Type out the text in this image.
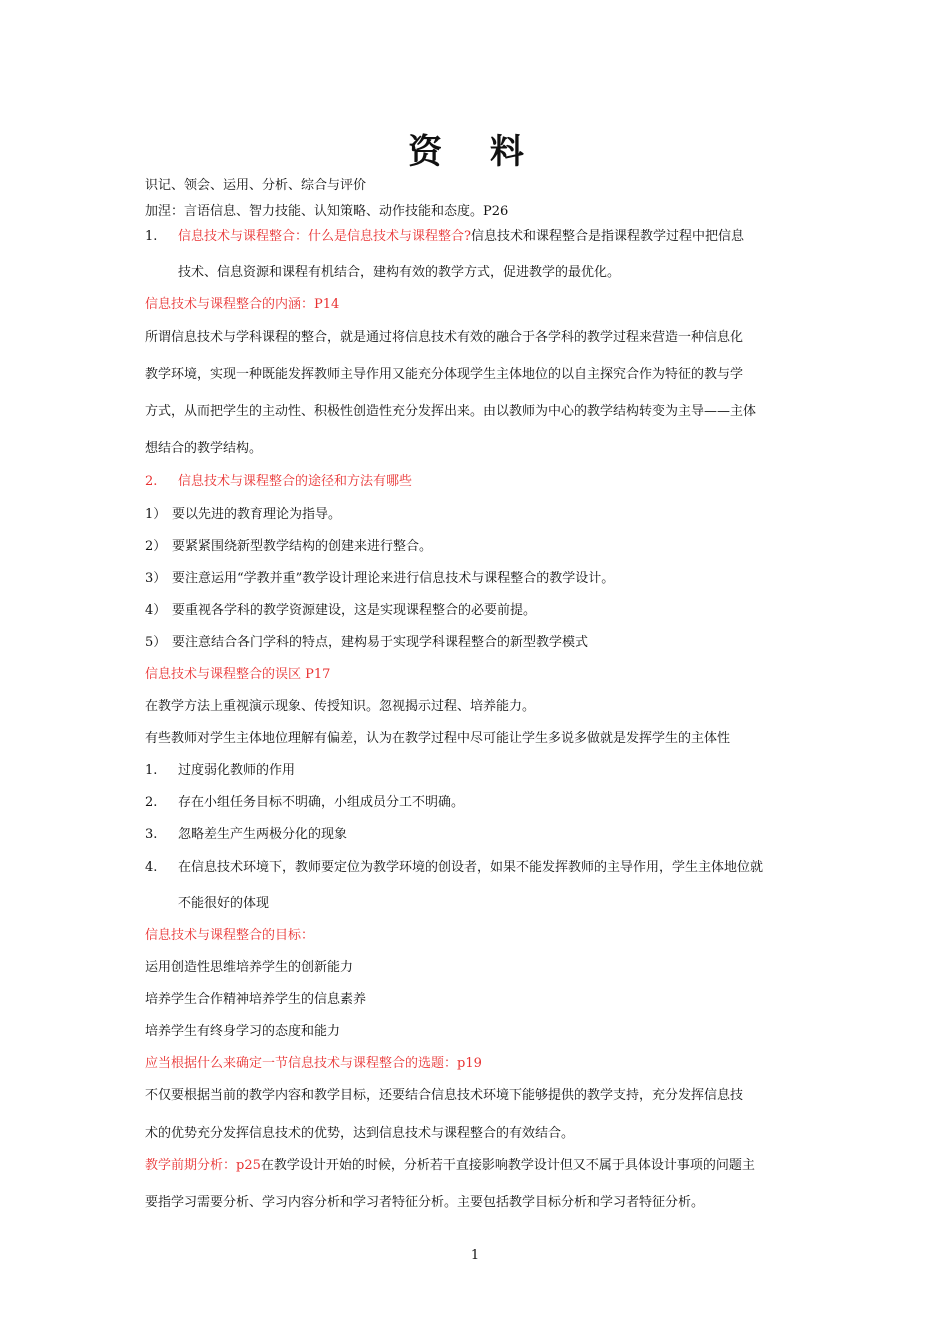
资 料
识记、领会、运用、分析、综合与评价
加涅：言语信息、智力技能、认知策略、动作技能和态度。P26
1. 信息技术与课程整合：什么是信息技术与课程整合?信息技术和课程整合是指课程教学过程中把信息
技术、信息资源和课程有机结合，建构有效的教学方式，促进教学的最优化。
信息技术与课程整合的内涵：P14
所谓信息技术与学科课程的整合，就是通过将信息技术有效的融合于各学科的教学过程来营造一种信息化
教学环境，实现一种既能发挥教师主导作用又能充分体现学生主体地位的以自主探究合作为特征的教与学
方式，从而把学生的主动性、积极性创造性充分发挥出来。由以教师为中心的教学结构转变为主导——主体
想结合的教学结构。
2. 信息技术与课程整合的途径和方法有哪些
1） 要以先进的教育理论为指导。
2） 要紧紧围绕新型教学结构的创建来进行整合。
3） 要注意运用“学教并重”教学设计理论来进行信息技术与课程整合的教学设计。
4） 要重视各学科的教学资源建设，这是实现课程整合的必要前提。
5） 要注意结合各门学科的特点，建构易于实现学科课程整合的新型教学模式
信息技术与课程整合的误区 P17
在教学方法上重视演示现象、传授知识。忽视揭示过程、培养能力。
有些教师对学生主体地位理解有偏差，认为在教学过程中尽可能让学生多说多做就是发挥学生的主体性
1. 过度弱化教师的作用
2. 存在小组任务目标不明确，小组成员分工不明确。
3. 忽略差生产生两极分化的现象
4. 在信息技术环境下，教师要定位为教学环境的创设者，如果不能发挥教师的主导作用，学生主体地位就
不能很好的体现
信息技术与课程整合的目标：
运用创造性思维培养学生的创新能力
培养学生合作精神培养学生的信息素养
培养学生有终身学习的态度和能力
应当根据什么来确定一节信息技术与课程整合的选题：p19
不仅要根据当前的教学内容和教学目标，还要结合信息技术环境下能够提供的教学支持，充分发挥信息技
术的优势充分发挥信息技术的优势，达到信息技术与课程整合的有效结合。
教学前期分析：p25在教学设计开始的时候，分析若干直接影响教学设计但又不属于具体设计事项的问题主
要指学习需要分析、学习内容分析和学习者特征分析。主要包括教学目标分析和学习者特征分析。
1
